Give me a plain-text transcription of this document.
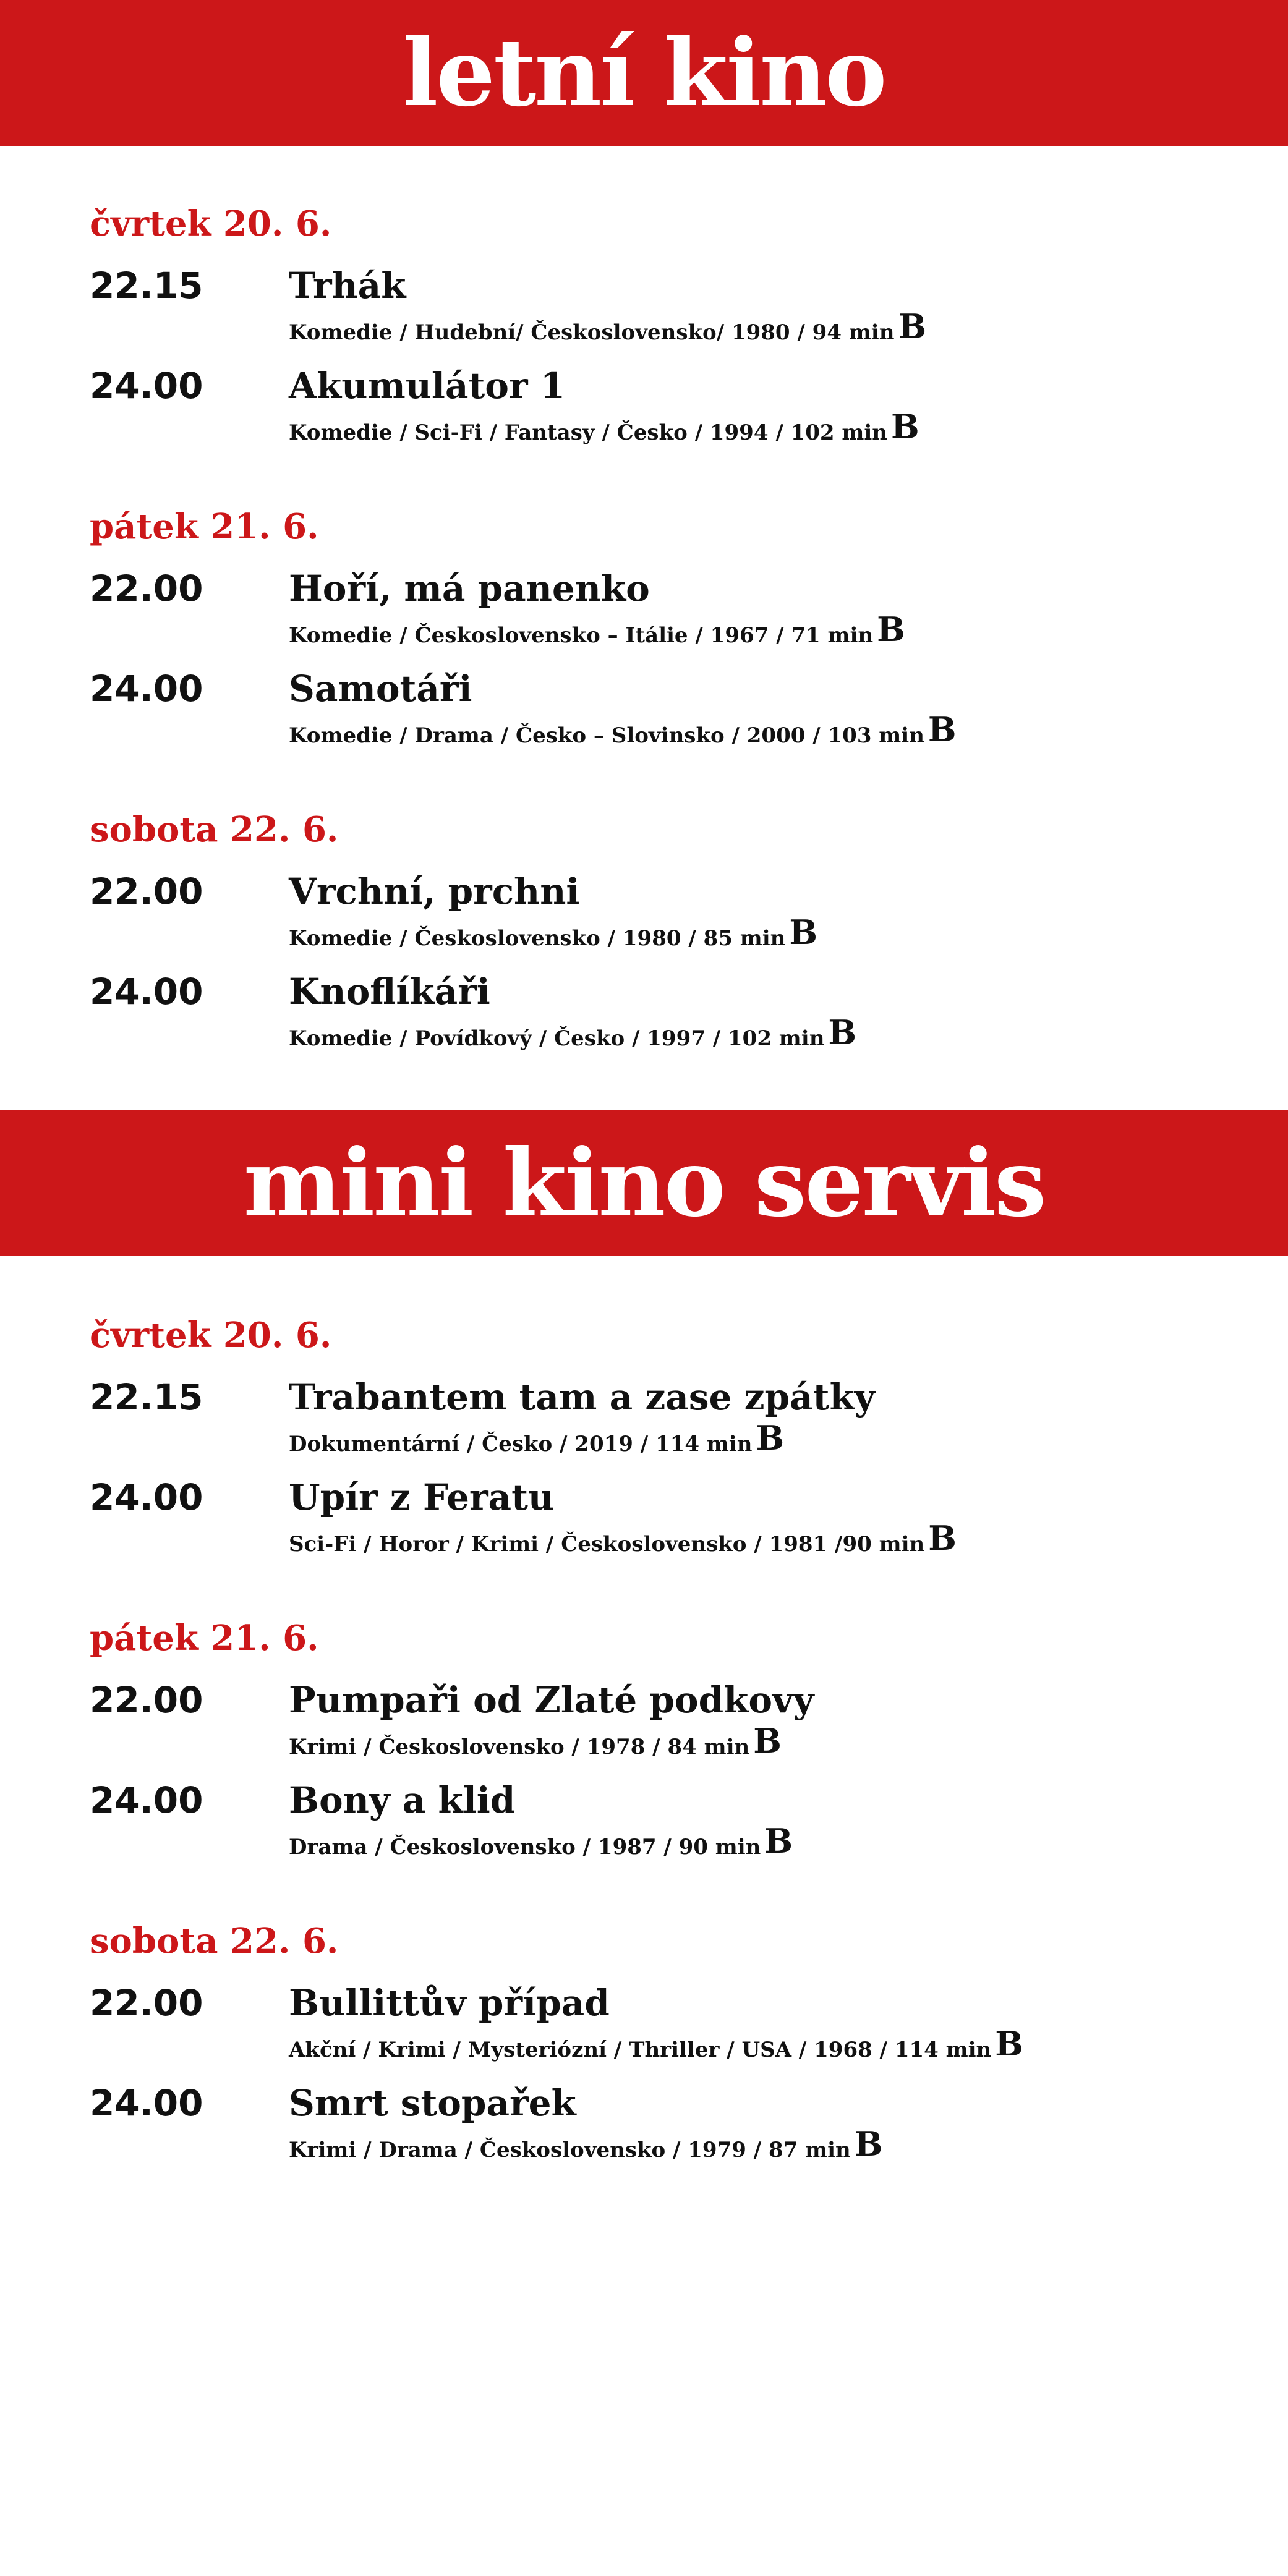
letní kino
čvrtek 20. 6.
22.15 Trhák
Komedie / Hudební/ Československo/ 1980 / 94 min B
24.00 Akumulátor 1
Komedie / Sci-Fi / Fantasy / Česko / 1994 / 102 min B
pátek 21. 6.
22.00 Hoří, má panenko
Komedie / Československo – Itálie / 1967 / 71 min B
24.00 Samotáři
Komedie / Drama / Česko – Slovinsko / 2000 / 103 min B
sobota 22. 6.
22.00 Vrchní, prchni
Komedie / Československo / 1980 / 85 min B
24.00 Knoflíkáři
Komedie / Povídkový / Česko / 1997 / 102 min B
mini kino servis
čvrtek 20. 6.
22.15 Trabantem tam a zase zpátky
Dokumentární / Česko / 2019 / 114 min B
24.00 Upír z Feratu
Sci-Fi / Horor / Krimi / Československo / 1981 /90 min B
pátek 21. 6.
22.00 Pumpaři od Zlaté podkovy
Krimi / Československo / 1978 / 84 min B
24.00 Bony a klid
Drama / Československo / 1987 / 90 min B
sobota 22. 6.
22.00 Bullittův případ
Akční / Krimi / Mysteriózní / Thriller / USA / 1968 / 114 min B
24.00 Smrt stopařek
Krimi / Drama / Československo / 1979 / 87 min B
